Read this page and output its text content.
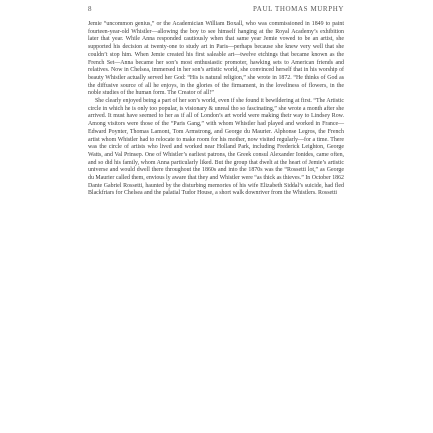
8	PAUL THOMAS MURPHY

Jemie “uncommon genius,” or the Academician William Boxall, who was commissioned in 1849 to paint fourteen-year-old Whistler—allowing the boy to see himself hanging at the Royal Academy’s exhibition later that year. While Anna responded cautiously when that same year Jemie vowed to be an artist, she supported his decision at twenty-one to study art in Paris—perhaps because she knew very well that she couldn’t stop him. When Jemie created his first saleable art—twelve etchings that became known as the French Set—Anna became her son’s most enthusiastic promoter, hawking sets to American friends and relatives. Now in Chelsea, immersed in her son’s artistic world, she convinced herself that in his worship of beauty Whistler actually served her God: “His is natural religion,” she wrote in 1872. “He thinks of God as the diffusive source of all he enjoys, in the glories of the firmament, in the loveliness of flowers, in the noble studies of the human form. The Creator of all!”

She clearly enjoyed being a part of her son’s world, even if she found it bewildering at first. “The Artistic circle in which he is only too popular, is visionary & unreal tho so fascinating,” she wrote a month after she arrived. It must have seemed to her as if all of London’s art world were making their way to Lindsey Row. Among visitors were those of the “Paris Gang,” with whom Whistler had played and worked in France—Edward Poynter, Thomas Lamont, Tom Armstrong, and George du Maurier. Alphonse Legros, the French artist whom Whistler had to relocate to make room for his mother, now visited regularly—for a time. There was the circle of artists who lived and worked near Holland Park, including Frederick Leighton, George Watts, and Val Prinsep. One of Whistler’s earliest patrons, the Greek consul Alexander Ionides, came often, and so did his family, whom Anna particularly liked. But the group that dwelt at the heart of Jemie’s artistic universe and would dwell there throughout the 1860s and into the 1870s was the “Rossetti lot,” as George du Maurier called them, envious ly aware that they and Whistler were “as thick as thieves.” In October 1862 Dante Gabriel Rossetti, haunted by the disturbing memories of his wife Elizabeth Siddal’s suicide, had fled Blackfriars for Chelsea and the palatial Tudor House, a short walk downriver from the Whistlers. Rossetti
